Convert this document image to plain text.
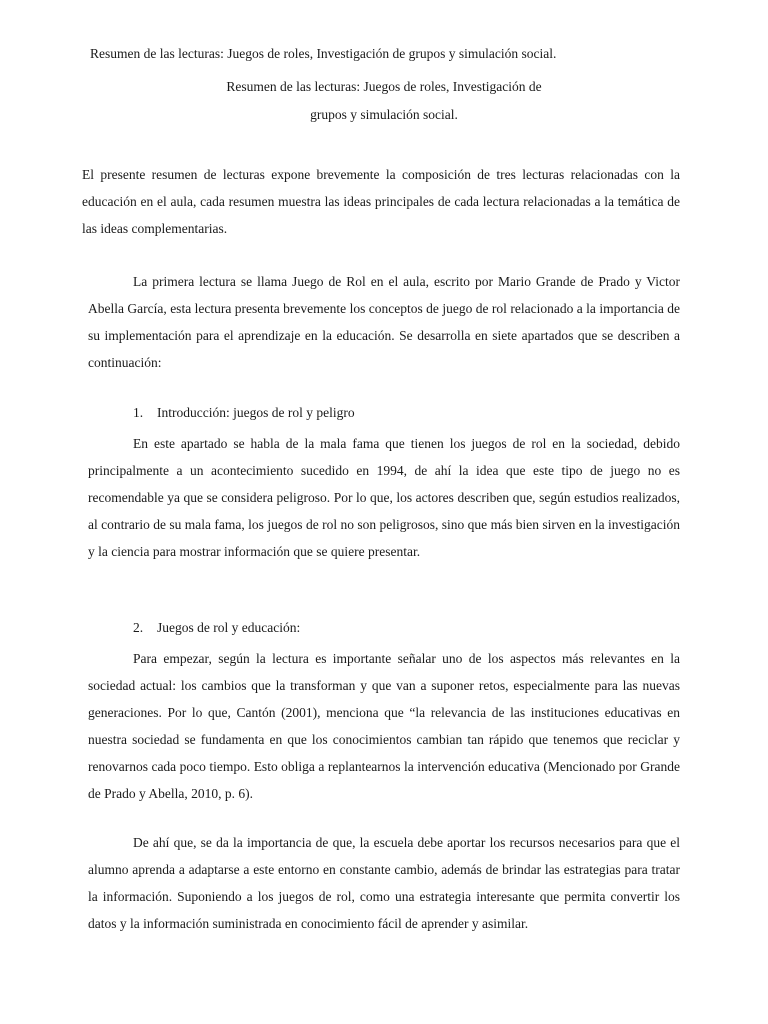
Resumen de las lecturas: Juegos de roles, Investigación de grupos y simulación social.
Resumen de las lecturas: Juegos de roles, Investigación de
grupos y simulación social.

El presente resumen de lecturas expone brevemente la composición de tres lecturas relacionadas con la educación en el aula, cada resumen muestra las ideas principales de cada lectura relacionadas a la temática de las ideas complementarias.

La primera lectura se llama Juego de Rol en el aula, escrito por Mario Grande de Prado y Victor Abella García, esta lectura presenta brevemente los conceptos de juego de rol relacionado a la importancia de su implementación para el aprendizaje en la educación. Se desarrolla en siete apartados que se describen a continuación:

1. Introducción: juegos de rol y peligro

En este apartado se habla de la mala fama que tienen los juegos de rol en la sociedad, debido principalmente a un acontecimiento sucedido en 1994, de ahí la idea que este tipo de juego no es recomendable ya que se considera peligroso. Por lo que, los actores describen que, según estudios realizados, al contrario de su mala fama, los juegos de rol no son peligrosos, sino que más bien sirven en la investigación y la ciencia para mostrar información que se quiere presentar.

2. Juegos de rol y educación:

Para empezar, según la lectura es importante señalar uno de los aspectos más relevantes en la sociedad actual: los cambios que la transforman y que van a suponer retos, especialmente para las nuevas generaciones. Por lo que, Cantón (2001), menciona que “la relevancia de las instituciones educativas en nuestra sociedad se fundamenta en que los conocimientos cambian tan rápido que tenemos que reciclar y renovarnos cada poco tiempo. Esto obliga a replantearnos la intervención educativa (Mencionado por Grande de Prado y Abella, 2010, p. 6).

De ahí que, se da la importancia de que, la escuela debe aportar los recursos necesarios para que el alumno aprenda a adaptarse a este entorno en constante cambio, además de brindar las estrategias para tratar la información. Suponiendo a los juegos de rol, como una estrategia interesante que permita convertir los datos y la información suministrada en conocimiento fácil de aprender y asimilar.
